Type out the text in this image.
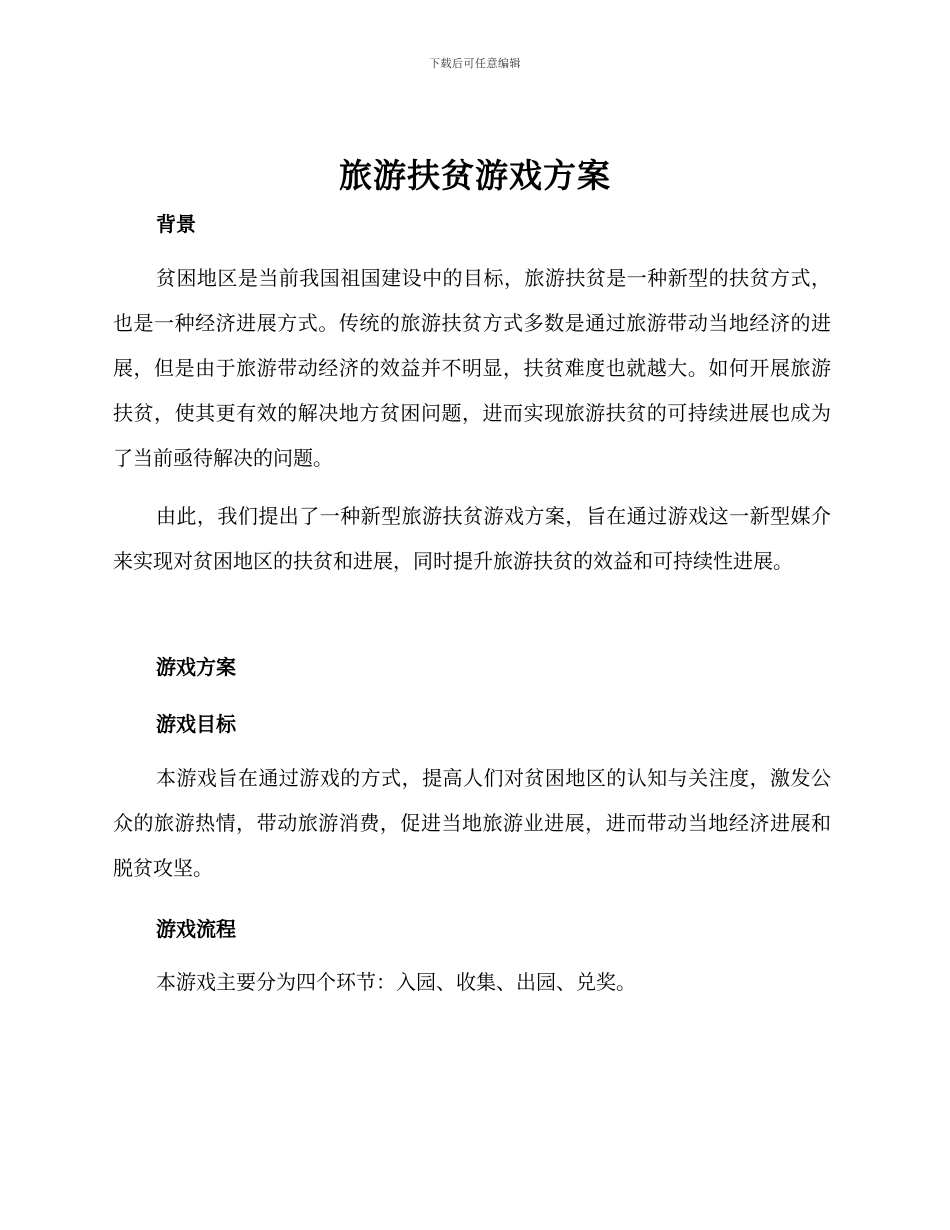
下载后可任意编辑
旅游扶贫游戏方案
背景
贫困地区是当前我国祖国建设中的目标，旅游扶贫是一种新型的扶贫方式，也是一种经济进展方式。传统的旅游扶贫方式多数是通过旅游带动当地经济的进展，但是由于旅游带动经济的效益并不明显，扶贫难度也就越大。如何开展旅游扶贫，使其更有效的解决地方贫困问题，进而实现旅游扶贫的可持续进展也成为了当前亟待解决的问题。
由此，我们提出了一种新型旅游扶贫游戏方案，旨在通过游戏这一新型媒介来实现对贫困地区的扶贫和进展，同时提升旅游扶贫的效益和可持续性进展。
游戏方案
游戏目标
本游戏旨在通过游戏的方式，提高人们对贫困地区的认知与关注度，激发公众的旅游热情，带动旅游消费，促进当地旅游业进展，进而带动当地经济进展和脱贫攻坚。
游戏流程
本游戏主要分为四个环节：入园、收集、出园、兑奖。
